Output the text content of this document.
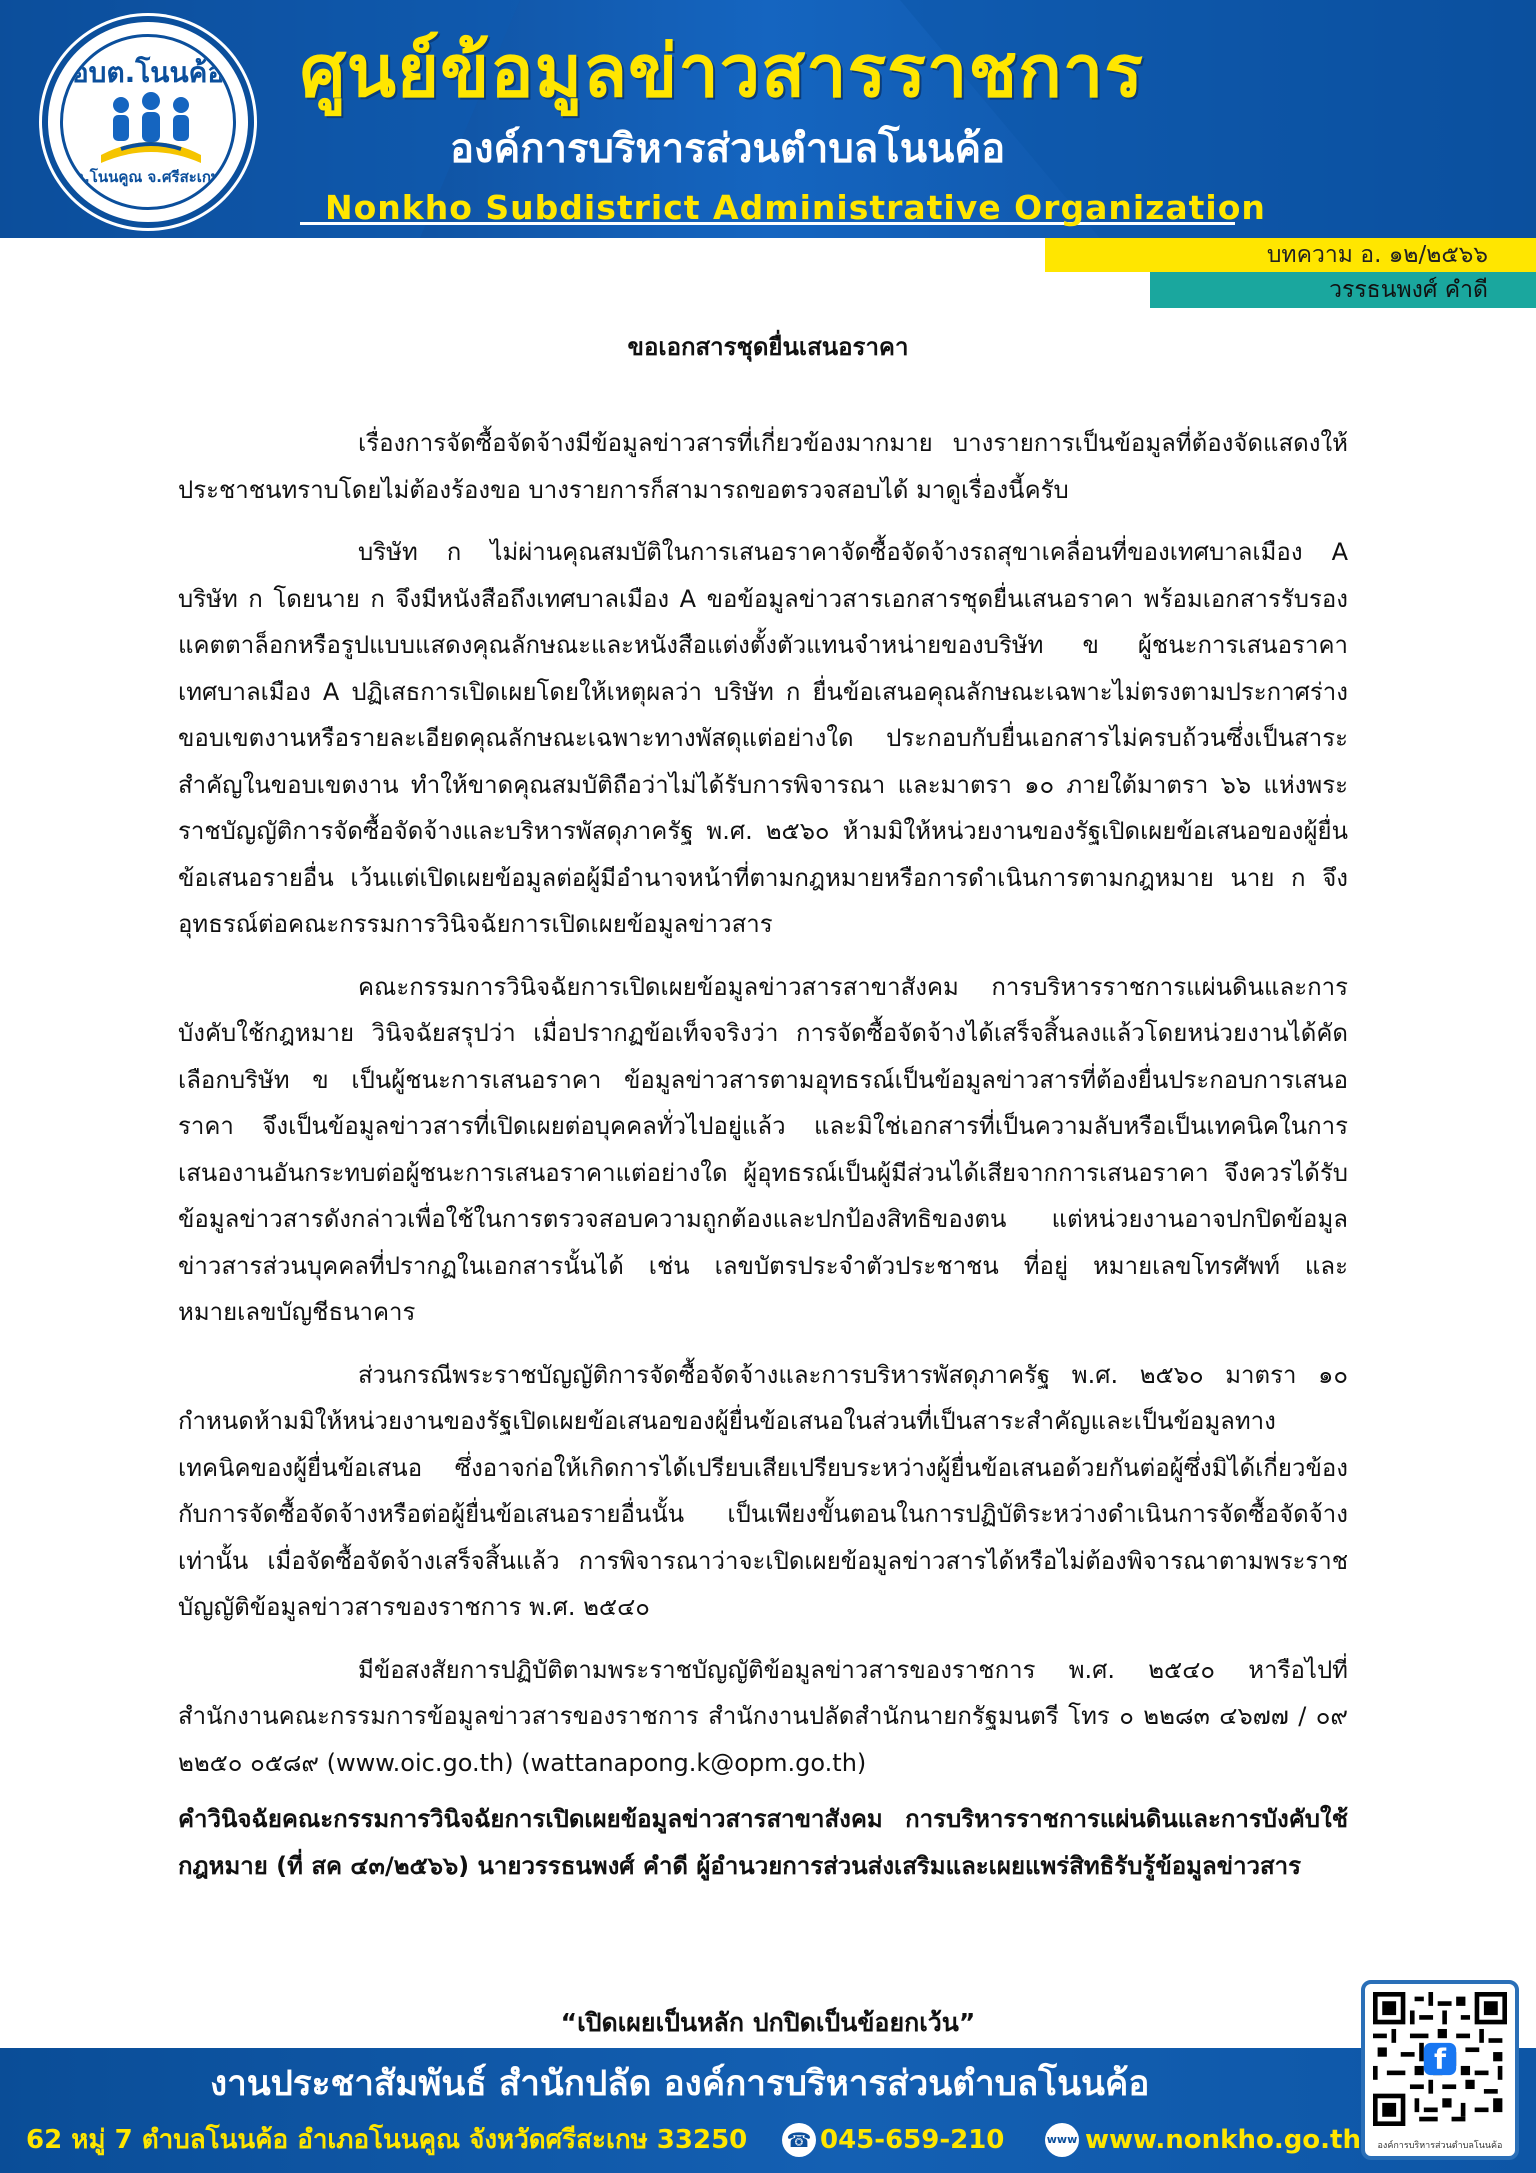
อบต.โนนค้อ
อ.โนนคูณ จ.ศรีสะเกษ
ศูนย์ข้อมูลข่าวสารราชการ
องค์การบริหารส่วนตำบลโนนค้อ
Nonkho Subdistrict Administrative Organization
บทความ อ. ๑๒/๒๕๖๖
วรรธนพงศ์ คำดี
ขอเอกสารชุดยื่นเสนอราคา

เรื่องการจัดซื้อจัดจ้างมีข้อมูลข่าวสารที่เกี่ยวข้องมากมาย บางรายการเป็นข้อมูลที่ต้องจัดแสดงให้ประชาชนทราบโดยไม่ต้องร้องขอ บางรายการก็สามารถขอตรวจสอบได้ มาดูเรื่องนี้ครับ

บริษัท ก ไม่ผ่านคุณสมบัติในการเสนอราคาจัดซื้อจัดจ้างรถสุขาเคลื่อนที่ของเทศบาลเมือง A บริษัท ก โดยนาย ก จึงมีหนังสือถึงเทศบาลเมือง A ขอข้อมูลข่าวสารเอกสารชุดยื่นเสนอราคา พร้อมเอกสารรับรอง แคตตาล็อกหรือรูปแบบแสดงคุณลักษณะและหนังสือแต่งตั้งตัวแทนจำหน่ายของบริษัท ข ผู้ชนะการเสนอราคา เทศบาลเมือง A ปฏิเสธการเปิดเผยโดยให้เหตุผลว่า บริษัท ก ยื่นข้อเสนอคุณลักษณะเฉพาะไม่ตรงตามประกาศร่างขอบเขตงานหรือรายละเอียดคุณลักษณะเฉพาะทางพัสดุแต่อย่างใด ประกอบกับยื่นเอกสารไม่ครบถ้วนซึ่งเป็นสาระสำคัญในขอบเขตงาน ทำให้ขาดคุณสมบัติถือว่าไม่ได้รับการพิจารณา และมาตรา ๑๐ ภายใต้มาตรา ๖๖ แห่งพระราชบัญญัติการจัดซื้อจัดจ้างและบริหารพัสดุภาครัฐ พ.ศ. ๒๕๖๐ ห้ามมิให้หน่วยงานของรัฐเปิดเผยข้อเสนอของผู้ยื่นข้อเสนอรายอื่น เว้นแต่เปิดเผยข้อมูลต่อผู้มีอำนาจหน้าที่ตามกฎหมายหรือการดำเนินการตามกฎหมาย นาย ก จึงอุทธรณ์ต่อคณะกรรมการวินิจฉัยการเปิดเผยข้อมูลข่าวสาร

คณะกรรมการวินิจฉัยการเปิดเผยข้อมูลข่าวสารสาขาสังคม การบริหารราชการแผ่นดินและการบังคับใช้กฎหมาย วินิจฉัยสรุปว่า เมื่อปรากฏข้อเท็จจริงว่า การจัดซื้อจัดจ้างได้เสร็จสิ้นลงแล้วโดยหน่วยงานได้คัดเลือกบริษัท ข เป็นผู้ชนะการเสนอราคา ข้อมูลข่าวสารตามอุทธรณ์เป็นข้อมูลข่าวสารที่ต้องยื่นประกอบการเสนอราคา จึงเป็นข้อมูลข่าวสารที่เปิดเผยต่อบุคคลทั่วไปอยู่แล้ว และมิใช่เอกสารที่เป็นความลับหรือเป็นเทคนิคในการเสนองานอันกระทบต่อผู้ชนะการเสนอราคาแต่อย่างใด ผู้อุทธรณ์เป็นผู้มีส่วนได้เสียจากการเสนอราคา จึงควรได้รับข้อมูลข่าวสารดังกล่าวเพื่อใช้ในการตรวจสอบความถูกต้องและปกป้องสิทธิของตน แต่หน่วยงานอาจปกปิดข้อมูลข่าวสารส่วนบุคคลที่ปรากฏในเอกสารนั้นได้ เช่น เลขบัตรประจำตัวประชาชน ที่อยู่ หมายเลขโทรศัพท์ และหมายเลขบัญชีธนาคาร

ส่วนกรณีพระราชบัญญัติการจัดซื้อจัดจ้างและการบริหารพัสดุภาครัฐ พ.ศ. ๒๕๖๐ มาตรา ๑๐ กำหนดห้ามมิให้หน่วยงานของรัฐเปิดเผยข้อเสนอของผู้ยื่นข้อเสนอในส่วนที่เป็นสาระสำคัญและเป็นข้อมูลทางเทคนิคของผู้ยื่นข้อเสนอ ซึ่งอาจก่อให้เกิดการได้เปรียบเสียเปรียบระหว่างผู้ยื่นข้อเสนอด้วยกันต่อผู้ซึ่งมิได้เกี่ยวข้องกับการจัดซื้อจัดจ้างหรือต่อผู้ยื่นข้อเสนอรายอื่นนั้น เป็นเพียงขั้นตอนในการปฏิบัติระหว่างดำเนินการจัดซื้อจัดจ้างเท่านั้น เมื่อจัดซื้อจัดจ้างเสร็จสิ้นแล้ว การพิจารณาว่าจะเปิดเผยข้อมูลข่าวสารได้หรือไม่ต้องพิจารณาตามพระราชบัญญัติข้อมูลข่าวสารของราชการ พ.ศ. ๒๕๔๐

มีข้อสงสัยการปฏิบัติตามพระราชบัญญัติข้อมูลข่าวสารของราชการ พ.ศ. ๒๕๔๐ หารือไปที่ สำนักงานคณะกรรมการข้อมูลข่าวสารของราชการ สำนักงานปลัดสำนักนายกรัฐมนตรี โทร ๐ ๒๒๘๓ ๔๖๗๗ / ๐๙ ๒๒๕๐ ๐๕๘๙ (www.oic.go.th) (wattanapong.k@opm.go.th)

คำวินิจฉัยคณะกรรมการวินิจฉัยการเปิดเผยข้อมูลข่าวสารสาขาสังคม การบริหารราชการแผ่นดินและการบังคับใช้กฎหมาย (ที่ สค ๔๓/๒๕๖๖) นายวรรธนพงศ์ คำดี ผู้อำนวยการส่วนส่งเสริมและเผยแพร่สิทธิรับรู้ข้อมูลข่าวสาร

“เปิดเผยเป็นหลัก ปกปิดเป็นข้อยกเว้น”
งานประชาสัมพันธ์ สำนักปลัด องค์การบริหารส่วนตำบลโนนค้อ
62 หมู่ 7 ตำบลโนนค้อ อำเภอโนนคูณ จังหวัดศรีสะเกษ 33250 ☎ 045-659-210	www www.nonkho.go.th
f
องค์การบริหารส่วนตำบลโนนค้อ
